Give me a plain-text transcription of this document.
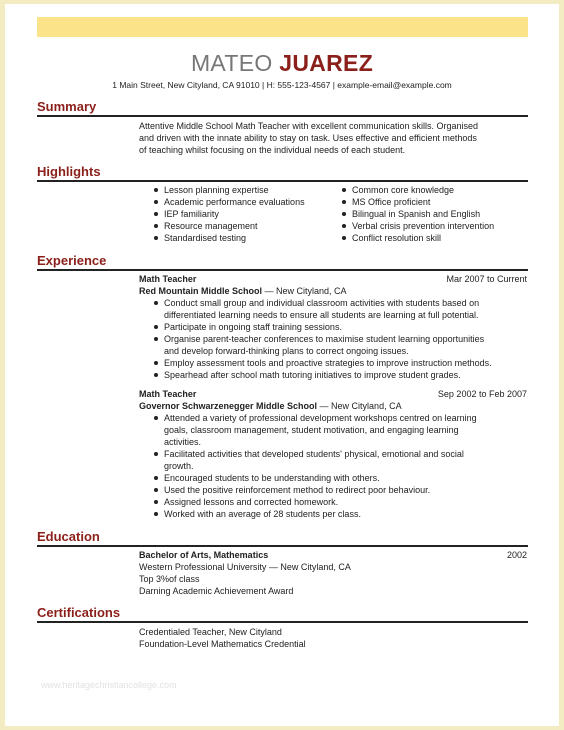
MATEO JUAREZ
1 Main Street, New Cityland, CA 91010 | H: 555-123-4567 | example-email@example.com
Summary
Attentive Middle School Math Teacher with excellent communication skills. Organised
and driven with the innate ability to stay on task. Uses effective and efficient methods
of teaching whilst focusing on the individual needs of each student.
Highlights
Lesson planning expertise
Academic performance evaluations
IEP familiarity
Resource management
Standardised testing
Common core knowledge
MS Office proficient
Bilingual in Spanish and English
Verbal crisis prevention intervention
Conflict resolution skill
Experience
Math Teacher
Red Mountain Middle School — New Cityland, CA
Mar 2007 to Current
Conduct small group and individual classroom activities with students based on
differentiated learning needs to ensure all students are learning at full potential.
Participate in ongoing staff training sessions.
Organise parent-teacher conferences to maximise student learning opportunities
and develop forward-thinking plans to correct ongoing issues.
Employ assessment tools and proactive strategies to improve instruction methods.
Spearhead after school math tutoring initiatives to improve student grades.
Math Teacher
Governor Schwarzenegger Middle School — New Cityland, CA
Sep 2002 to Feb 2007
Attended a variety of professional development workshops centred on learning
goals, classroom management, student motivation, and engaging learning
activities.
Facilitated activities that developed students' physical, emotional and social
growth.
Encouraged students to be understanding with others.
Used the positive reinforcement method to redirect poor behaviour.
Assigned lessons and corrected homework.
Worked with an average of 28 students per class.
Education
Bachelor of Arts, Mathematics
Western Professional University — New Cityland, CA
Top 3%of class
Darning Academic Achievement Award
2002
Certifications
Credentialed Teacher, New Cityland
Foundation-Level Mathematics Credential
www.heritagechristiancollege.com
